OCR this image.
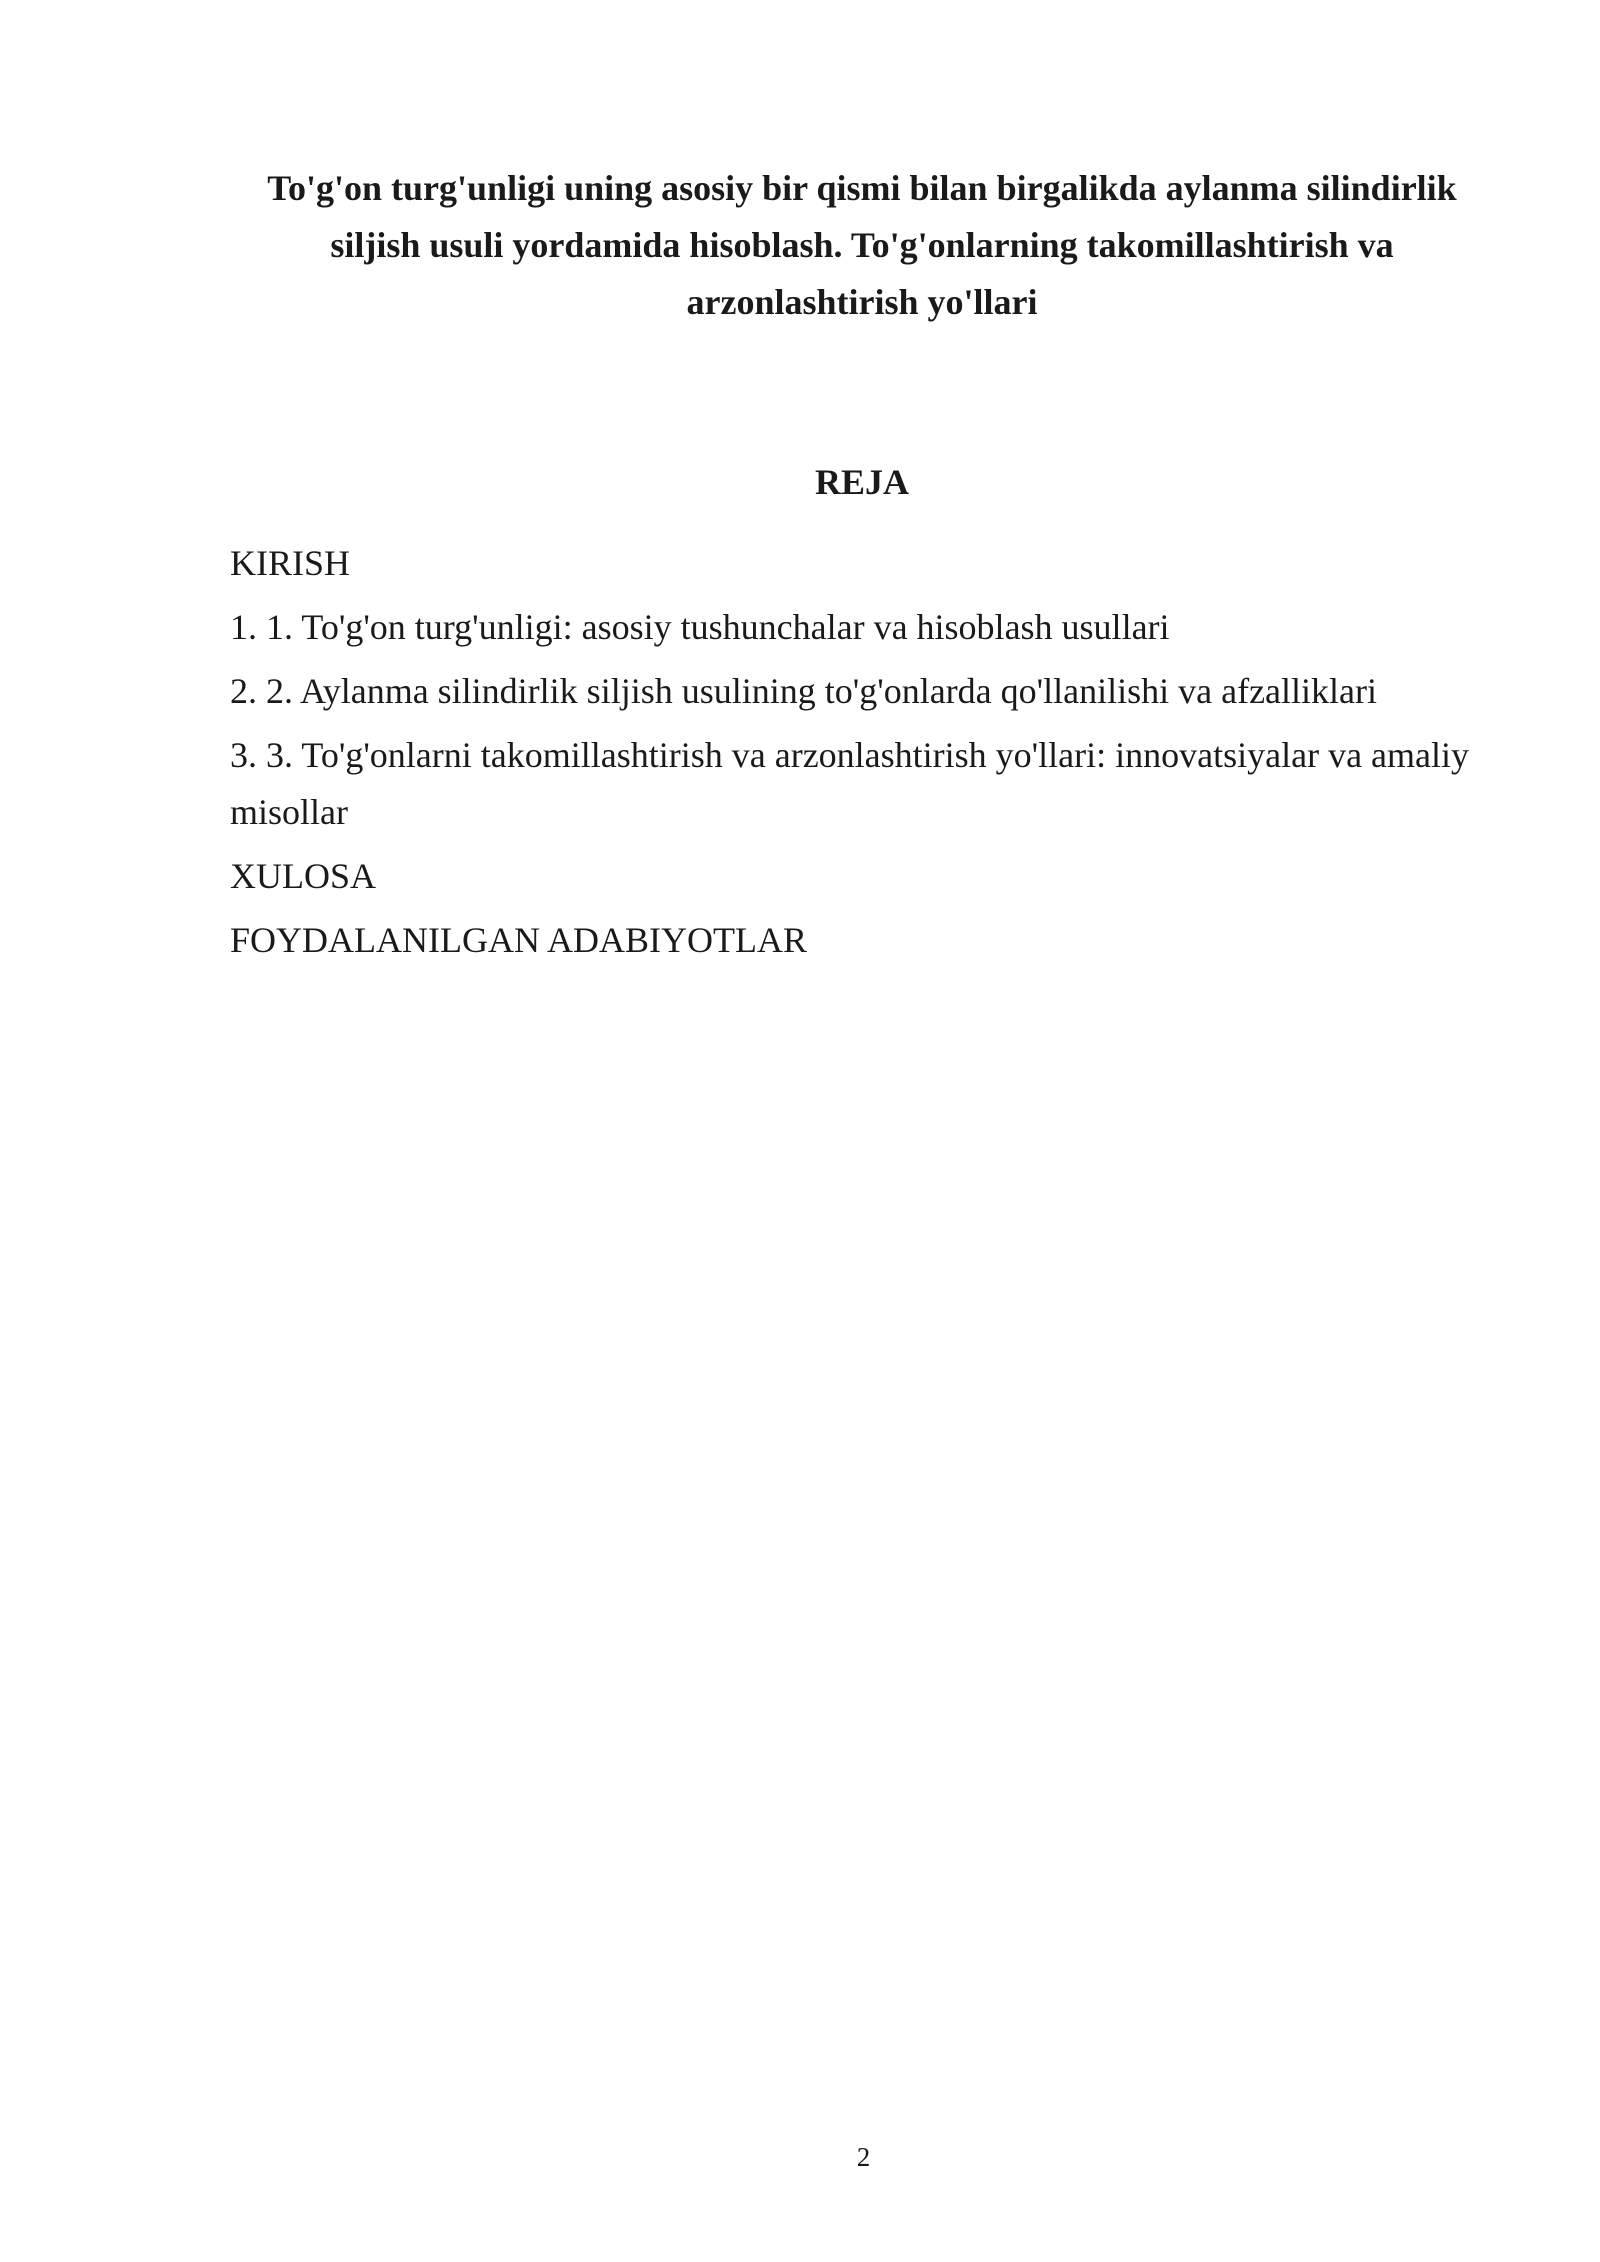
To'g'on turg'unligi uning asosiy bir qismi bilan birgalikda aylanma silindirlik siljish usuli yordamida hisoblash. To'g'onlarning takomillashtirish va arzonlashtirish yo'llari
REJA
KIRISH
1. 1. To'g'on turg'unligi: asosiy tushunchalar va hisoblash usullari
2. 2. Aylanma silindirlik siljish usulining to'g'onlarda qo'llanilishi va afzalliklari
3. 3. To'g'onlarni takomillashtirish va arzonlashtirish yo'llari: innovatsiyalar va amaliy misollar
XULOSA
FOYDALANILGAN ADABIYOTLAR
2
